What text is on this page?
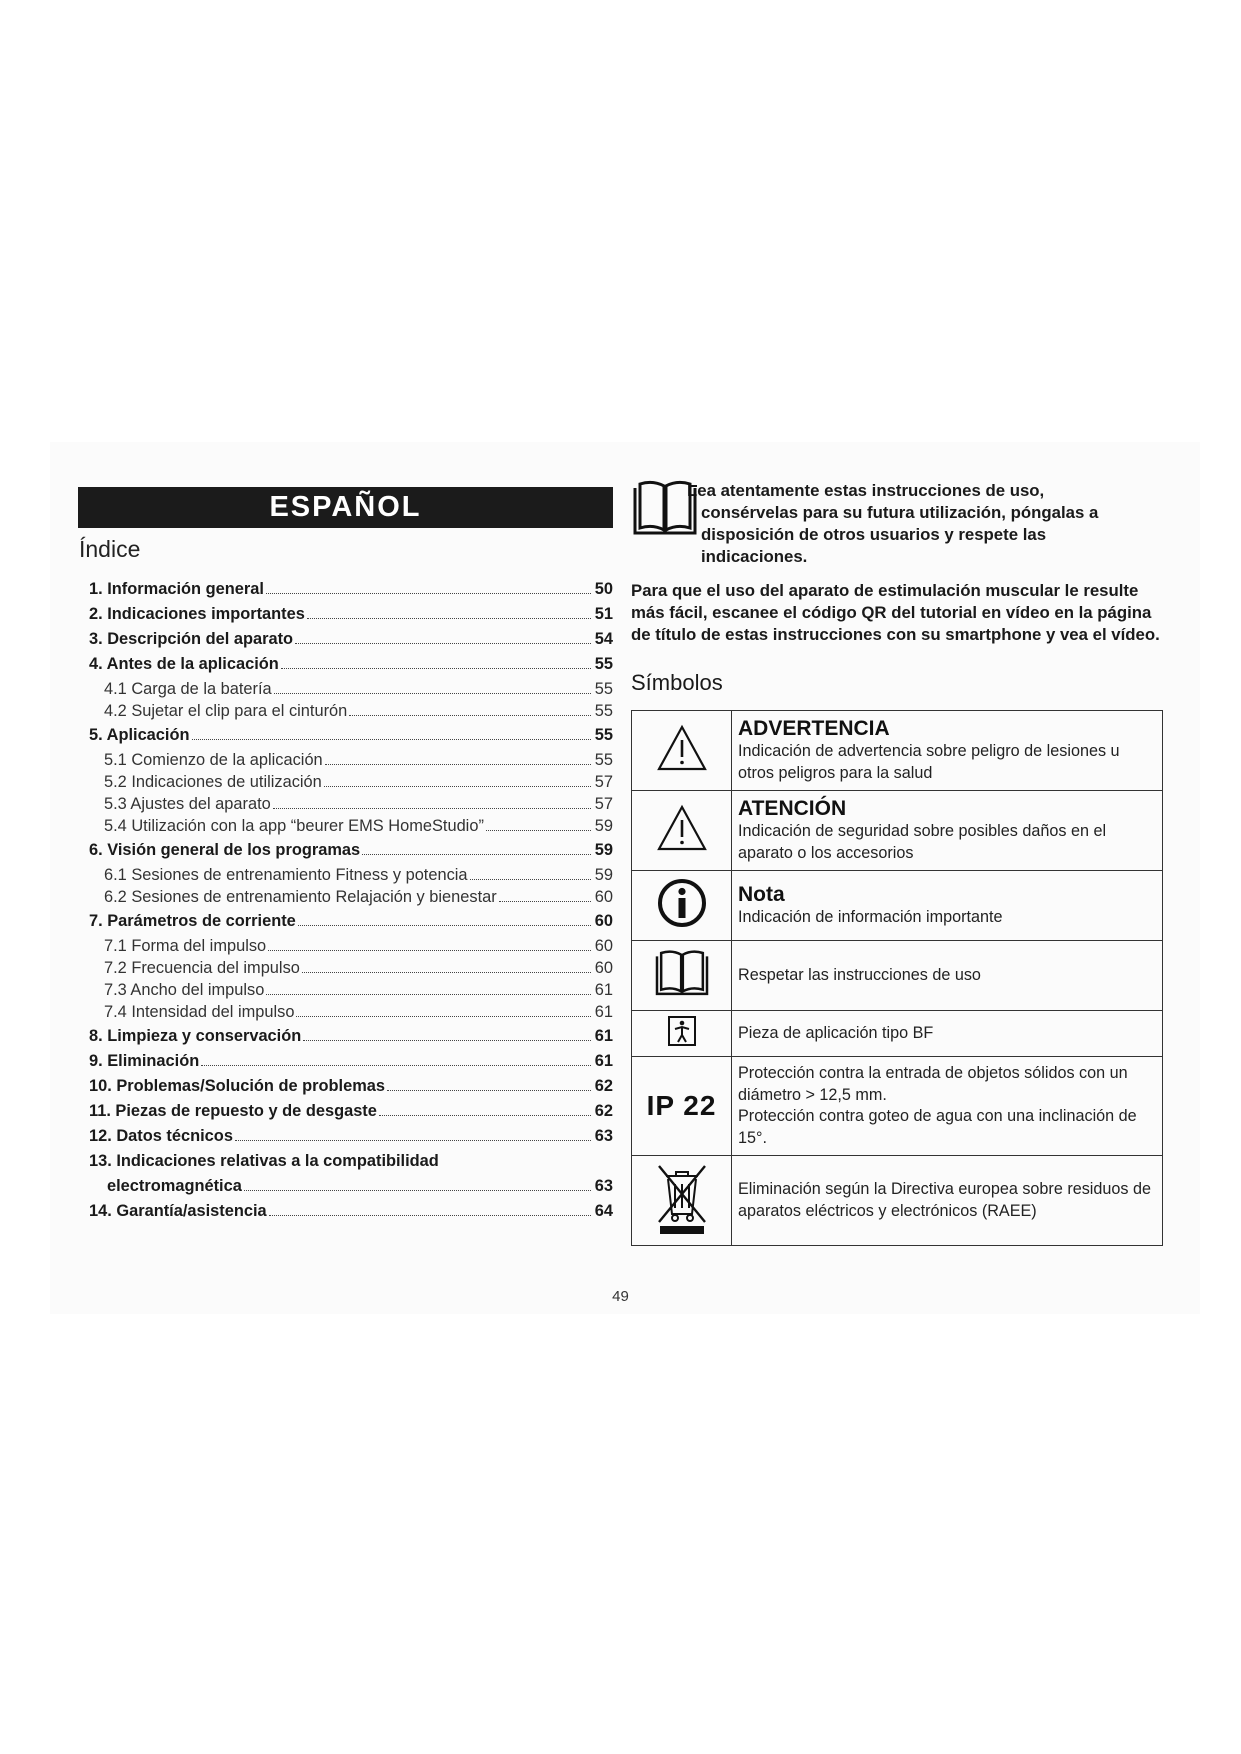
ESPAÑOL
Índice
1. Información general	50
2. Indicaciones importantes	51
3. Descripción del aparato	54
4. Antes de la aplicación	55
4.1 Carga de la batería	55
4.2 Sujetar el clip para el cinturón	55
5. Aplicación	55
5.1 Comienzo de la aplicación	55
5.2 Indicaciones de utilización	57
5.3 Ajustes del aparato	57
5.4 Utilización con la app “beurer EMS HomeStudio”	59
6. Visión general de los programas	59
6.1 Sesiones de entrenamiento Fitness y potencia	59
6.2 Sesiones de entrenamiento Relajación y bienestar	60
7. Parámetros de corriente	60
7.1 Forma del impulso	60
7.2 Frecuencia del impulso	60
7.3 Ancho del impulso	61
7.4 Intensidad del impulso	61
8. Limpieza y conservación	61
9. Eliminación	61
10. Problemas/Solución de problemas	62
11. Piezas de repuesto y de desgaste	62
12. Datos técnicos	63
13. Indicaciones relativas a la compatibilidad
electromagnética	63
14. Garantía/asistencia	64
Lea atentamente estas instrucciones de uso,
consérvelas para su futura utilización, póngalas a
disposición de otros usuarios y respete las
indicaciones.
Para que el uso del aparato de estimulación muscular le resulte más fácil, escanee el código QR del tutorial en vídeo en la página de título de estas instrucciones con su smartphone y vea el vídeo.
Símbolos

ADVERTENCIA
Indicación de advertencia sobre peligro de lesiones u otros peligros para la salud

ATENCIÓN
Indicación de seguridad sobre posibles daños en el aparato o los accesorios

Nota
Indicación de información importante

Respetar las instrucciones de uso

Pieza de aplicación tipo BF

IP 22	Protección contra la entrada de objetos sólidos con un diámetro > 12,5 mm.
Protección contra goteo de agua con una inclinación de 15°.

Eliminación según la Directiva europea sobre residuos de aparatos eléctricos y electrónicos (RAEE)
49
